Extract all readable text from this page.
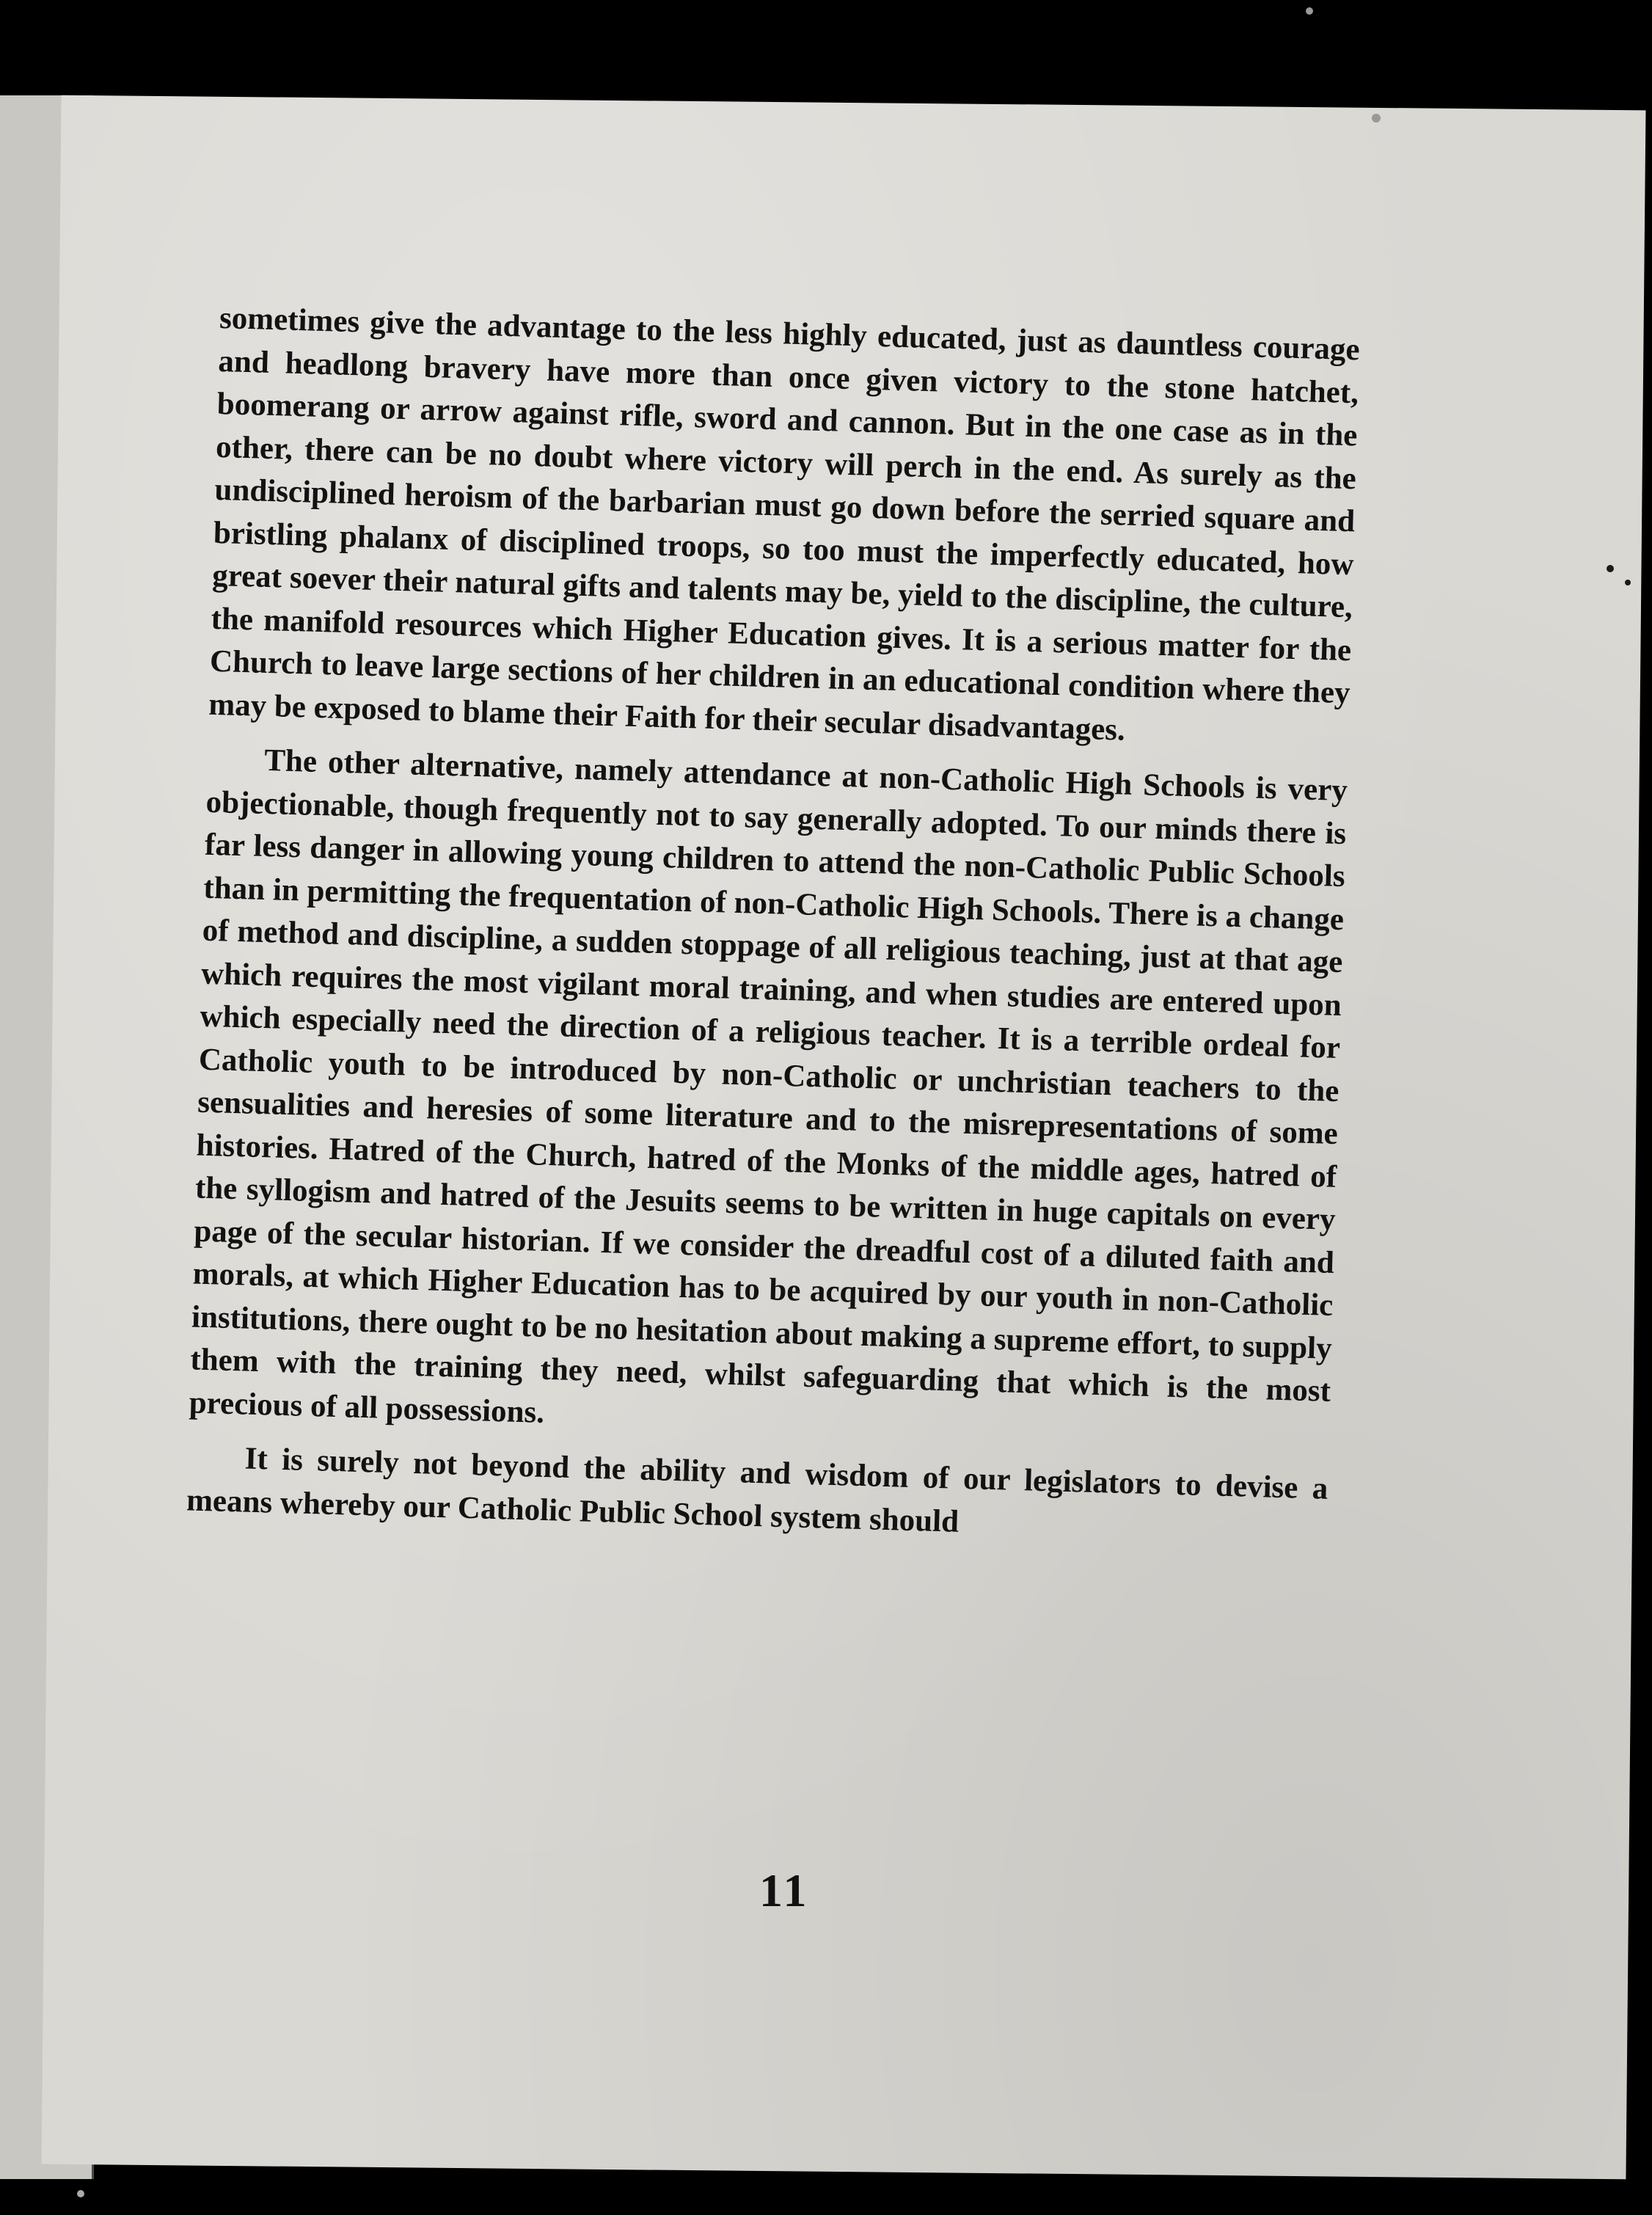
sometimes give the advantage to the less highly educated, just as dauntless courage and headlong bravery have more than once given victory to the stone hatchet, boomerang or arrow against rifle, sword and cannon. But in the one case as in the other, there can be no doubt where victory will perch in the end. As surely as the undisciplined heroism of the barbarian must go down before the serried square and bristling phalanx of disciplined troops, so too must the imperfectly educated, how great soever their natural gifts and talents may be, yield to the discipline, the culture, the manifold resources which Higher Education gives. It is a serious matter for the Church to leave large sections of her children in an educational condition where they may be exposed to blame their Faith for their secular disadvantages.

The other alternative, namely attendance at non-Catholic High Schools is very objectionable, though frequently not to say generally adopted. To our minds there is far less danger in allowing young children to attend the non-Catholic Public Schools than in permitting the frequentation of non-Catholic High Schools. There is a change of method and discipline, a sudden stoppage of all religious teaching, just at that age which requires the most vigilant moral training, and when studies are entered upon which especially need the direction of a religious teacher. It is a terrible ordeal for Catholic youth to be introduced by non-Catholic or unchristian teachers to the sensualities and heresies of some literature and to the misrepresentations of some histories. Hatred of the Church, hatred of the Monks of the middle ages, hatred of the syllogism and hatred of the Jesuits seems to be written in huge capitals on every page of the secular historian. If we consider the dreadful cost of a diluted faith and morals, at which Higher Education has to be acquired by our youth in non-Catholic institutions, there ought to be no hesitation about making a supreme effort, to supply them with the training they need, whilst safeguarding that which is the most precious of all possessions.

It is surely not beyond the ability and wisdom of our legislators to devise a means whereby our Catholic Public School system should

11
